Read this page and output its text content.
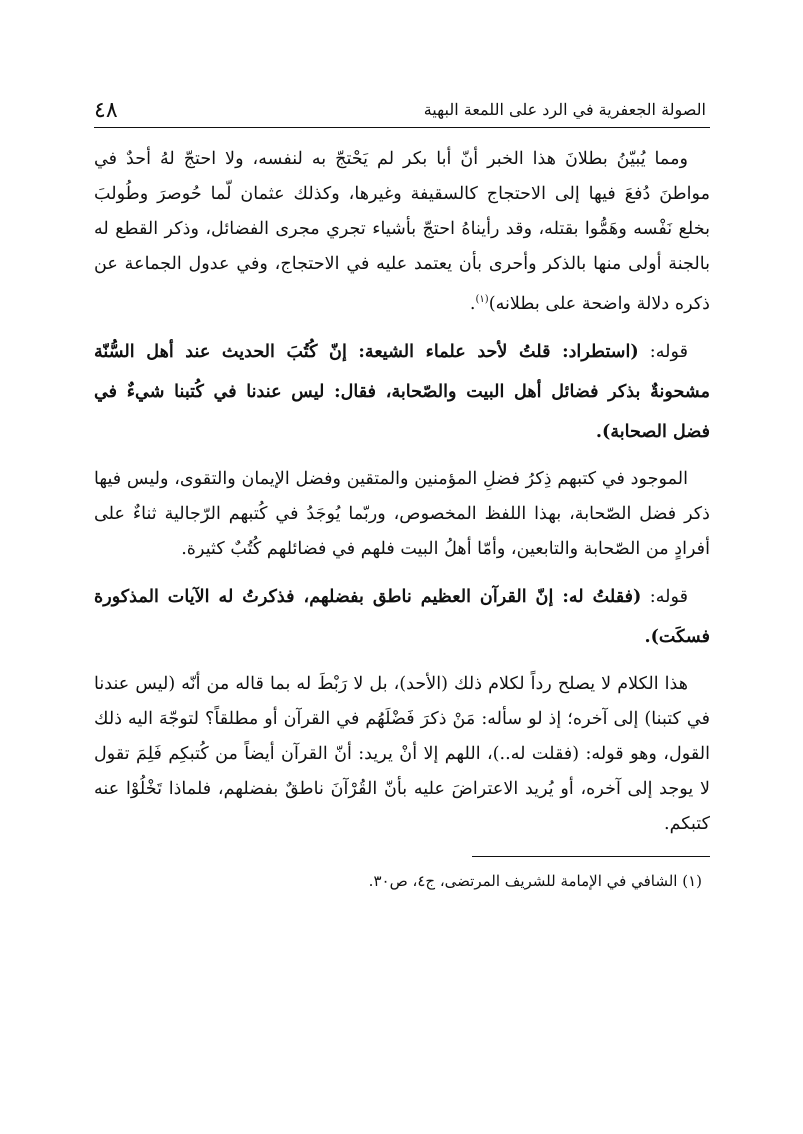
الصولة الجعفرية في الرد على اللمعة البهية
٤٨

ومما يُبيّنُ بطلانَ هذا الخبر أنّ أبا بكر لم يَحْتجّ به لنفسه، ولا احتجّ لهُ أحدٌ في مواطنَ دُفعَ فيها إلى الاحتجاج كالسقيفة وغيرها، وكذلك عثمان لّما حُوصرَ وطُولبَ بخلع نَفْسه وهَمُّوا بقتله، وقد رأيناهُ احتجّ بأشياء تجري مجرى الفضائل، وذكر القطع له بالجنة أولى منها بالذكر وأحرى بأن يعتمد عليه في الاحتجاج، وفي عدول الجماعة عن ذكره دلالة واضحة على بطلانه)$^{(١)}$.

قوله: (استطراد: قلتُ لأحد علماء الشيعة: إنّ كُتُبَ الحديث عند أهل السُّنّة مشحونةٌ بذكر فضائل أهل البيت والصّحابة، فقال: ليس عندنا في كُتبنا شيءٌ في فضل الصحابة).

الموجود في كتبهم ذِكرُ فضلِ المؤمنين والمتقين وفضل الإيمان والتقوى، وليس فيها ذكر فضل الصّحابة، بهذا اللفظ المخصوص، وربّما يُوجَدُ في كُتبهم الرّجالية ثناءٌ على أفرادٍ من الصّحابة والتابعين، وأمّا أهلُ البيت فلهم في فضائلهم كُتُبٌ كثيرة.

قوله: (فقلتُ له: إنّ القرآن العظيم ناطق بفضلهم، فذكرتُ له الآيات المذكورة فسكَت).

هذا الكلام لا يصلح رداً لكلام ذلك (الأحد)، بل لا رَبْطَ له بما قاله من أنّه (ليس عندنا في كتبنا) إلى آخره؛ إذ لو سأله: مَنْ ذكرَ فَضْلَهُم في القرآن أو مطلقاً؟ لتوجّهَ اليه ذلك القول، وهو قوله: (فقلت له..)، اللهم إلا أنْ يريد: أنّ القرآن أيضاً من كُتبكِم فَلِمَ تقول لا يوجد إلى آخره، أو يُريد الاعتراضَ عليه بأنّ القُرْآنَ ناطقٌ بفضلهم، فلماذا تَخْلُوْا عنه كتبكم.

(١) الشافي في الإمامة للشريف المرتضى، ج٤، ص٣٠.
